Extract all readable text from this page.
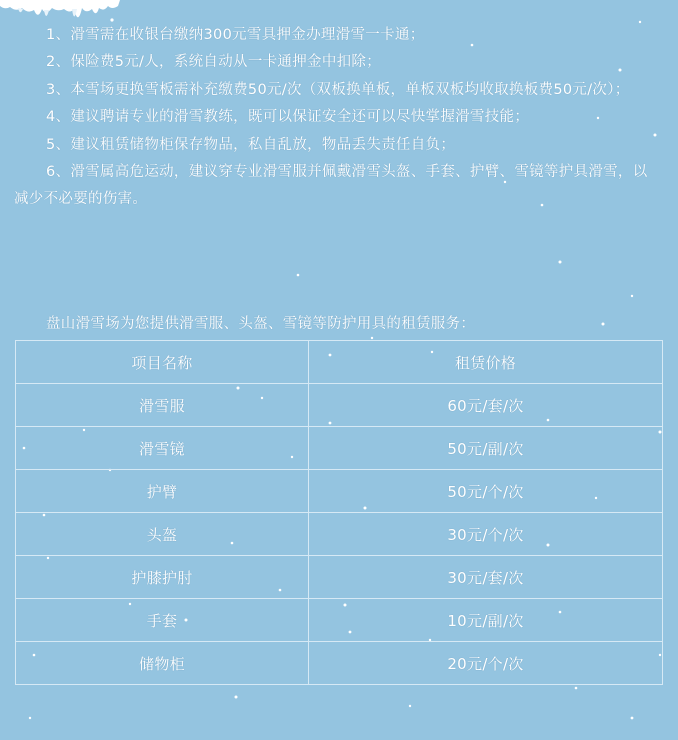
1、滑雪需在收银台缴纳300元雪具押金办理滑雪一卡通；

2、保险费5元/人，系统自动从一卡通押金中扣除；

3、本雪场更换雪板需补充缴费50元/次（双板换单板，单板双板均收取换板费50元/次）；

4、建议聘请专业的滑雪教练，既可以保证安全还可以尽快掌握滑雪技能；

5、建议租赁储物柜保存物品，私自乱放，物品丢失责任自负；

6、滑雪属高危运动，建议穿专业滑雪服并佩戴滑雪头盔、手套、护臂、雪镜等护具滑雪，以减少不必要的伤害。

盘山滑雪场为您提供滑雪服、头盔、雪镜等防护用具的租赁服务：

项目名称	租赁价格
滑雪服	60元/套/次
滑雪镜	50元/副/次
护臂	50元/个/次
头盔	30元/个/次
护膝护肘	30元/套/次
手套	10元/副/次
储物柜	20元/个/次
